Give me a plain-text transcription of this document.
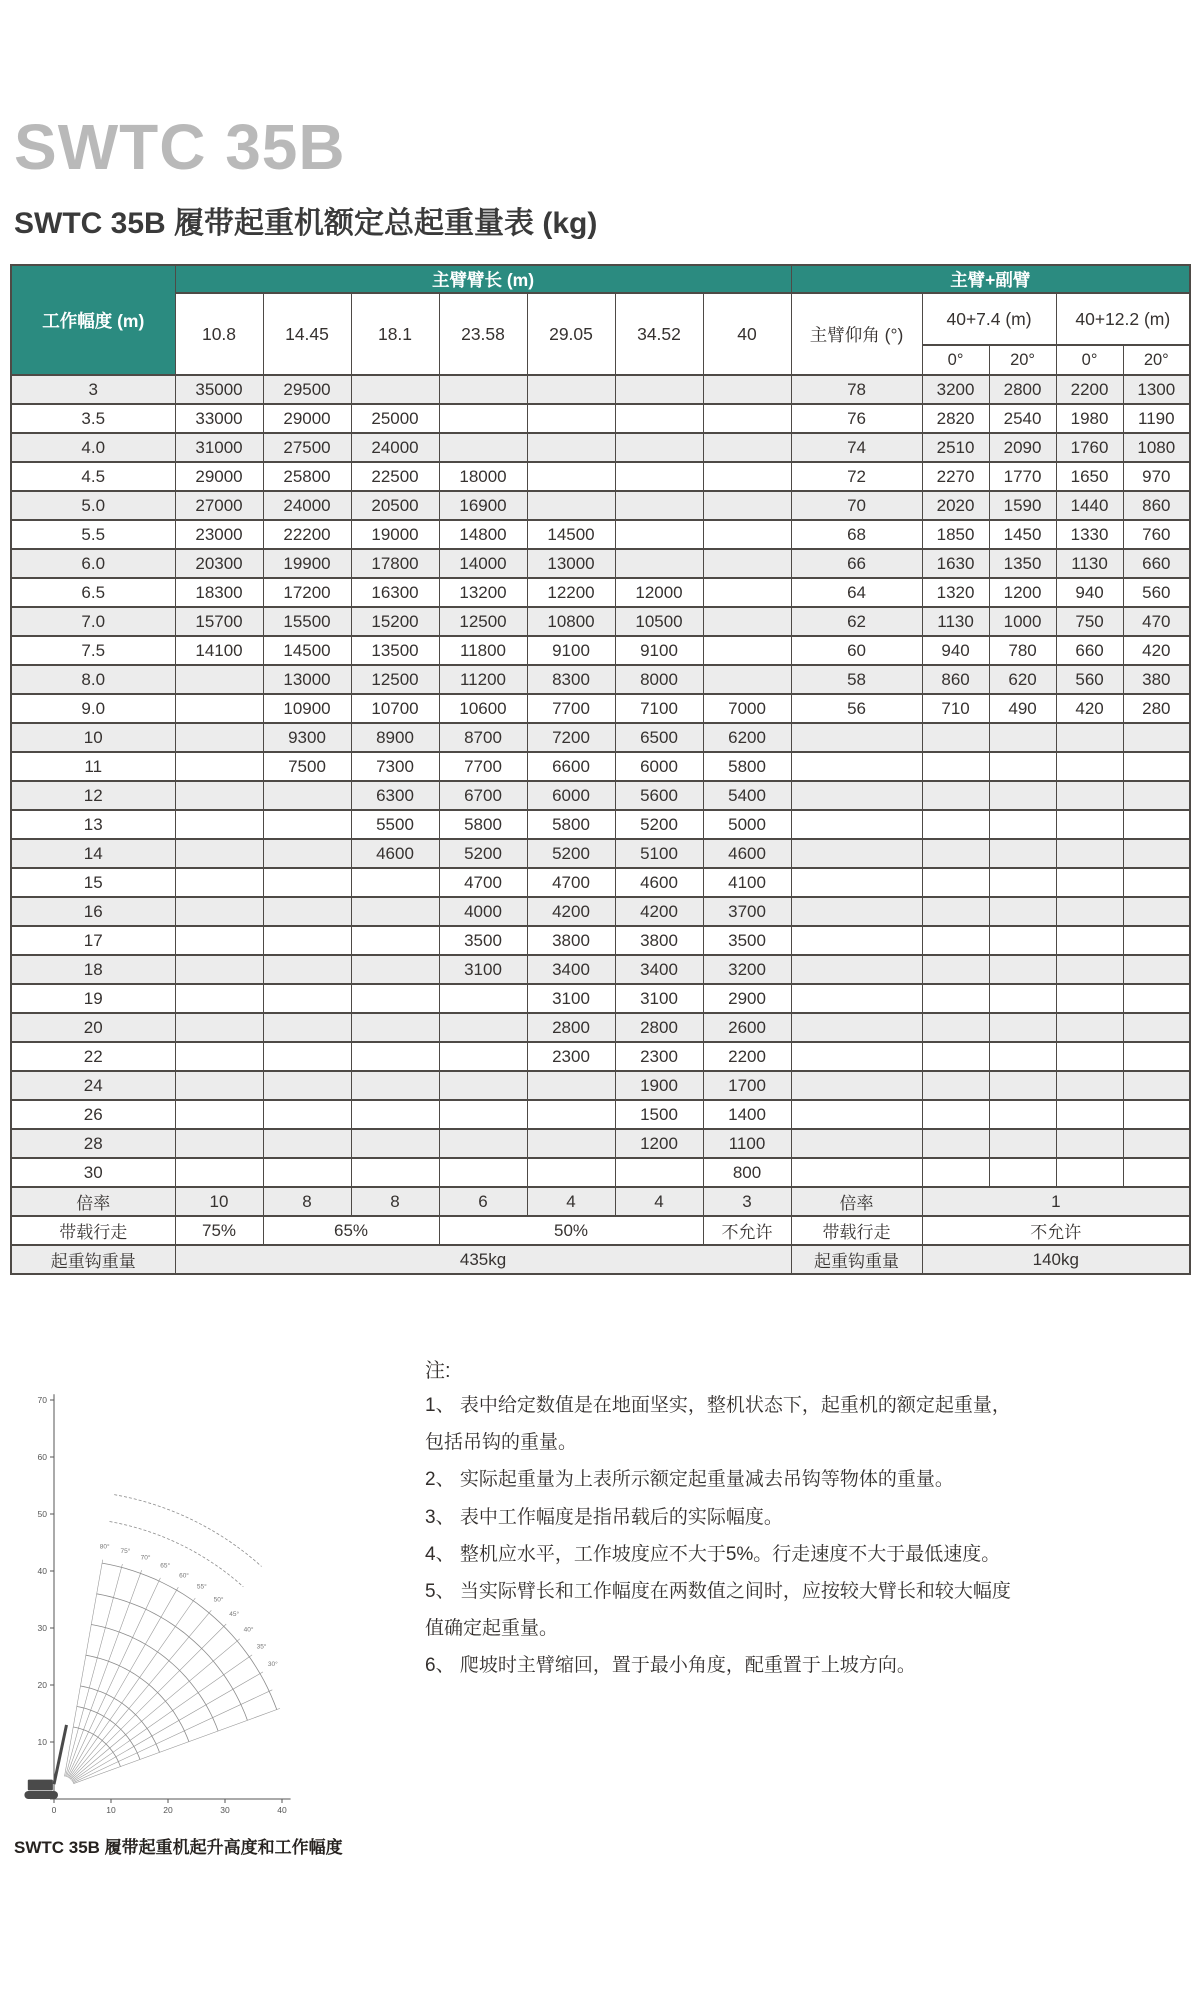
SWTC 35B
SWTC 35B 履带起重机额定总起重量表 (kg)
工作幅度 (m)	主臂臂长 (m)							主臂+副臂				
	10.8	14.45	18.1	23.58	29.05	34.52	40	主臂仰角 (°)	40+7.4 (m)		40+12.2 (m)	
									0°	20°	0°	20°
3	35000	29500						78	3200	2800	2200	1300
3.5	33000	29000	25000					76	2820	2540	1980	1190
4.0	31000	27500	24000					74	2510	2090	1760	1080
4.5	29000	25800	22500	18000				72	2270	1770	1650	970
5.0	27000	24000	20500	16900				70	2020	1590	1440	860
5.5	23000	22200	19000	14800	14500			68	1850	1450	1330	760
6.0	20300	19900	17800	14000	13000			66	1630	1350	1130	660
6.5	18300	17200	16300	13200	12200	12000		64	1320	1200	940	560
7.0	15700	15500	15200	12500	10800	10500		62	1130	1000	750	470
7.5	14100	14500	13500	11800	9100	9100		60	940	780	660	420
8.0		13000	12500	11200	8300	8000		58	860	620	560	380
9.0		10900	10700	10600	7700	7100	7000	56	710	490	420	280
10		9300	8900	8700	7200	6500	6200					
11		7500	7300	7700	6600	6000	5800					
12			6300	6700	6000	5600	5400					
13			5500	5800	5800	5200	5000					
14			4600	5200	5200	5100	4600					
15				4700	4700	4600	4100					
16				4000	4200	4200	3700					
17				3500	3800	3800	3500					
18				3100	3400	3400	3200					
19					3100	3100	2900					
20					2800	2800	2600					
22					2300	2300	2200					
24						1900	1700					
26						1500	1400					
28						1200	1100					
30							800					
倍率	10	8	8	6	4	4	3	倍率	1			
带载行走	75%	65%		50%			不允许	带载行走	不允许			
起重钩重量	435kg							起重钩重量	140kg			
80°
75°
70°
65°
60°
55°
50°
45°
40°
35°
30°
10
20
30
40
50
60
70
0	10	20	30	40
SWTC 35B 履带起重机起升高度和工作幅度
注:
1、 表中给定数值是在地面坚实，整机状态下，起重机的额定起重量，包括吊钩的重量。
2、 实际起重量为上表所示额定起重量减去吊钩等物体的重量。
3、 表中工作幅度是指吊载后的实际幅度。
4、 整机应水平，工作坡度应不大于5%。行走速度不大于最低速度。
5、 当实际臂长和工作幅度在两数值之间时，应按较大臂长和较大幅度值确定起重量。
6、 爬坡时主臂缩回，置于最小角度，配重置于上坡方向。
